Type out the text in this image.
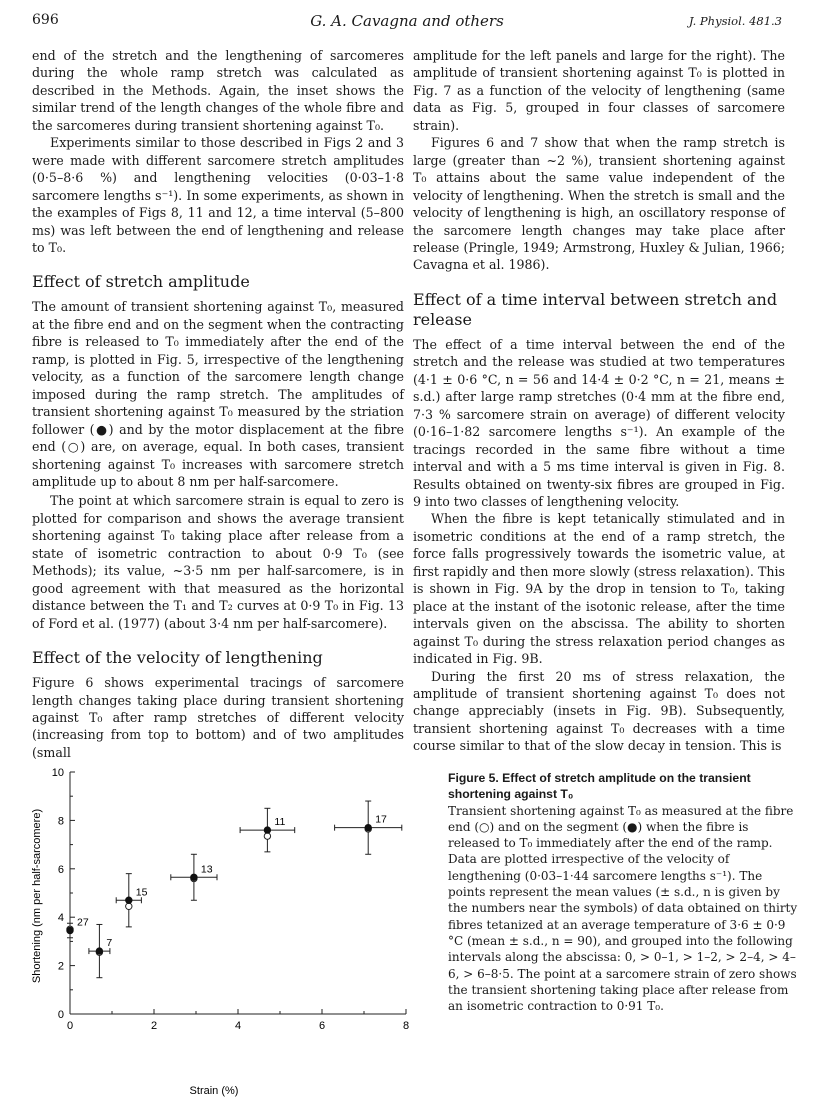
696	G. A. Cavagna and others	J. Physiol. 481.3

end of the stretch and the lengthening of sarcomeres during the whole ramp stretch was calculated as described in the Methods. Again, the inset shows the similar trend of the length changes of the whole fibre and the sarcomeres during transient shortening against T₀.

Experiments similar to those described in Figs 2 and 3 were made with different sarcomere stretch amplitudes (0·5–8·6 %) and lengthening velocities (0·03–1·8 sarcomere lengths s⁻¹). In some experiments, as shown in the examples of Figs 8, 11 and 12, a time interval (5–800 ms) was left between the end of lengthening and release to T₀.

Effect of stretch amplitude

The amount of transient shortening against T₀, measured at the fibre end and on the segment when the contracting fibre is released to T₀ immediately after the end of the ramp, is plotted in Fig. 5, irrespective of the lengthening velocity, as a function of the sarcomere length change imposed during the ramp stretch. The amplitudes of transient shortening against T₀ measured by the striation follower (●) and by the motor displacement at the fibre end (○) are, on average, equal. In both cases, transient shortening against T₀ increases with sarcomere stretch amplitude up to about 8 nm per half-sarcomere.

The point at which sarcomere strain is equal to zero is plotted for comparison and shows the average transient shortening against T₀ taking place after release from a state of isometric contraction to about 0·9 T₀ (see Methods); its value, ~3·5 nm per half-sarcomere, is in good agreement with that measured as the horizontal distance between the T₁ and T₂ curves at 0·9 T₀ in Fig. 13 of Ford et al. (1977) (about 3·4 nm per half-sarcomere).

Effect of the velocity of lengthening

Figure 6 shows experimental tracings of sarcomere length changes taking place during transient shortening against T₀ after ramp stretches of different velocity (increasing from top to bottom) and of two amplitudes (small

amplitude for the left panels and large for the right). The amplitude of transient shortening against T₀ is plotted in Fig. 7 as a function of the velocity of lengthening (same data as Fig. 5, grouped in four classes of sarcomere strain).

Figures 6 and 7 show that when the ramp stretch is large (greater than ~2 %), transient shortening against T₀ attains about the same value independent of the velocity of lengthening. When the stretch is small and the velocity of lengthening is high, an oscillatory response of the sarcomere length changes may take place after release (Pringle, 1949; Armstrong, Huxley & Julian, 1966; Cavagna et al. 1986).

Effect of a time interval between stretch and release

The effect of a time interval between the end of the stretch and the release was studied at two temperatures (4·1 ± 0·6 °C, n = 56 and 14·4 ± 0·2 °C, n = 21, means ± s.d.) after large ramp stretches (0·4 mm at the fibre end, 7·3 % sarcomere strain on average) of different velocity (0·16–1·82 sarcomere lengths s⁻¹). An example of the tracings recorded in the same fibre without a time interval and with a 5 ms time interval is given in Fig. 8. Results obtained on twenty-six fibres are grouped in Fig. 9 into two classes of lengthening velocity.

When the fibre is kept tetanically stimulated and in isometric conditions at the end of a ramp stretch, the force falls progressively towards the isometric value, at first rapidly and then more slowly (stress relaxation). This is shown in Fig. 9A by the drop in tension to T₀, taking place at the instant of the isotonic release, after the time intervals given on the abscissa. The ability to shorten against T₀ during the stress relaxation period changes as indicated in Fig. 9B.

During the first 20 ms of stress relaxation, the amplitude of transient shortening against T₀ does not change appreciably (insets in Fig. 9B). Subsequently, transient shortening against T₀ decreases with a time course similar to that of the slow decay in tension. This is

0	2	4	6	8
0
2
4
6
8
10
27
7
15
13
11	17
Strain (%)
Shortening (nm per half-sarcomere)

Figure 5. Effect of stretch amplitude on the transient shortening against T₀

Transient shortening against T₀ as measured at the fibre end (○) and on the segment (●) when the fibre is released to T₀ immediately after the end of the ramp. Data are plotted irrespective of the velocity of lengthening (0·03–1·44 sarcomere lengths s⁻¹). The points represent the mean values (± s.d., n is given by the numbers near the symbols) of data obtained on thirty fibres tetanized at an average temperature of 3·6 ± 0·9 °C (mean ± s.d., n = 90), and grouped into the following intervals along the abscissa: 0, > 0–1, > 1–2, > 2–4, > 4–6, > 6–8·5. The point at a sarcomere strain of zero shows the transient shortening taking place after release from an isometric contraction to 0·91 T₀.
